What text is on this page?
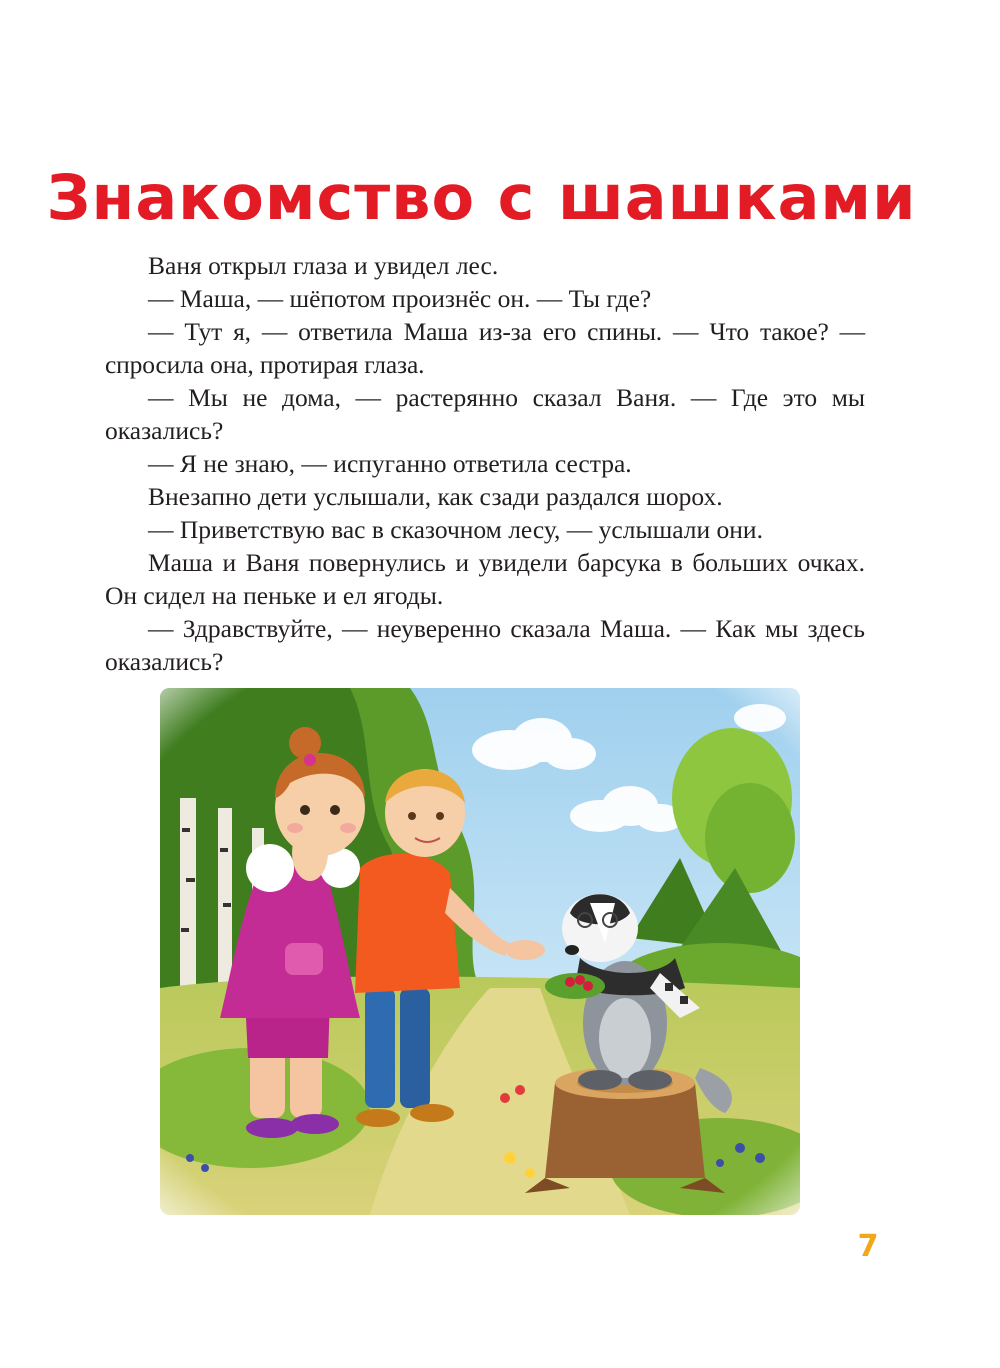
Знакомство с шашками

Ваня открыл глаза и увидел лес.

— Маша, — шёпотом произнёс он. — Ты где?

— Тут я, — ответила Маша из-за его спины. — Что такое? — спросила она, протирая глаза.

— Мы не дома, — растерянно сказал Ваня. — Где это мы оказались?

— Я не знаю, — испуганно ответила сестра.

Внезапно дети услышали, как сзади раздался шорох.

— Приветствую вас в сказочном лесу, — услышали они.

Маша и Ваня повернулись и увидели барсука в больших очках. Он сидел на пеньке и ел ягоды.

— Здравствуйте, — неуверенно сказала Маша. — Как мы здесь оказались?

7
